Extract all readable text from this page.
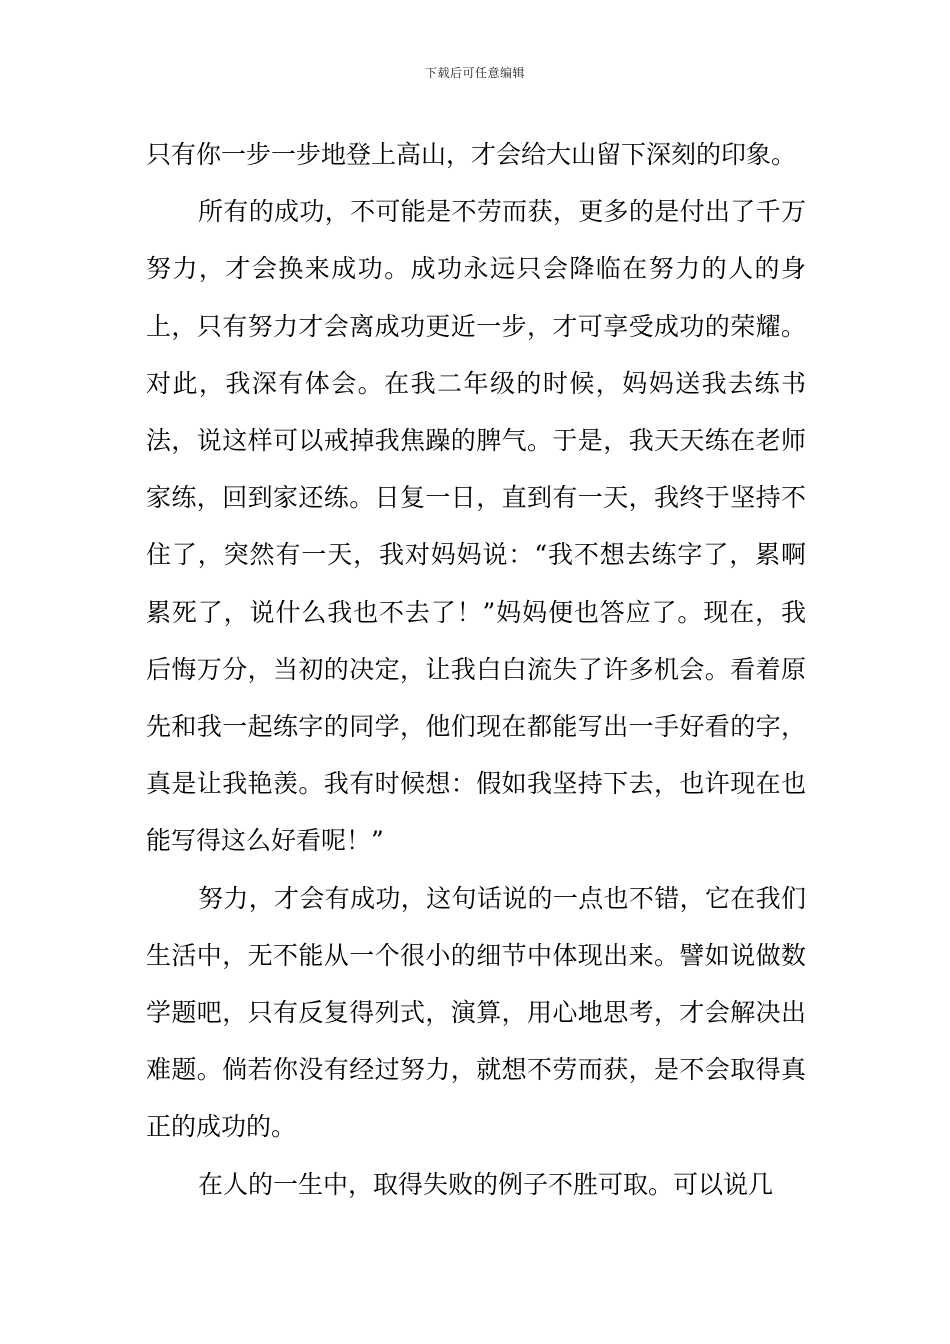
下载后可任意编辑

只有你一步一步地登上高山，才会给大山留下深刻的印象。

所有的成功，不可能是不劳而获，更多的是付出了千万努力，才会换来成功。成功永远只会降临在努力的人的身上，只有努力才会离成功更近一步，才可享受成功的荣耀。对此，我深有体会。在我二年级的时候，妈妈送我去练书法，说这样可以戒掉我焦躁的脾气。于是，我天天练在老师家练，回到家还练。日复一日，直到有一天，我终于坚持不住了，突然有一天，我对妈妈说：“我不想去练字了，累啊累死了，说什么我也不去了！”妈妈便也答应了。现在，我后悔万分，当初的决定，让我白白流失了许多机会。看着原先和我一起练字的同学，他们现在都能写出一手好看的字，真是让我艳羡。我有时候想：假如我坚持下去，也许现在也能写得这么好看呢！”

努力，才会有成功，这句话说的一点也不错，它在我们生活中，无不能从一个很小的细节中体现出来。譬如说做数学题吧，只有反复得列式，演算，用心地思考，才会解决出难题。倘若你没有经过努力，就想不劳而获，是不会取得真正的成功的。

在人的一生中，取得失败的例子不胜可取。可以说几
